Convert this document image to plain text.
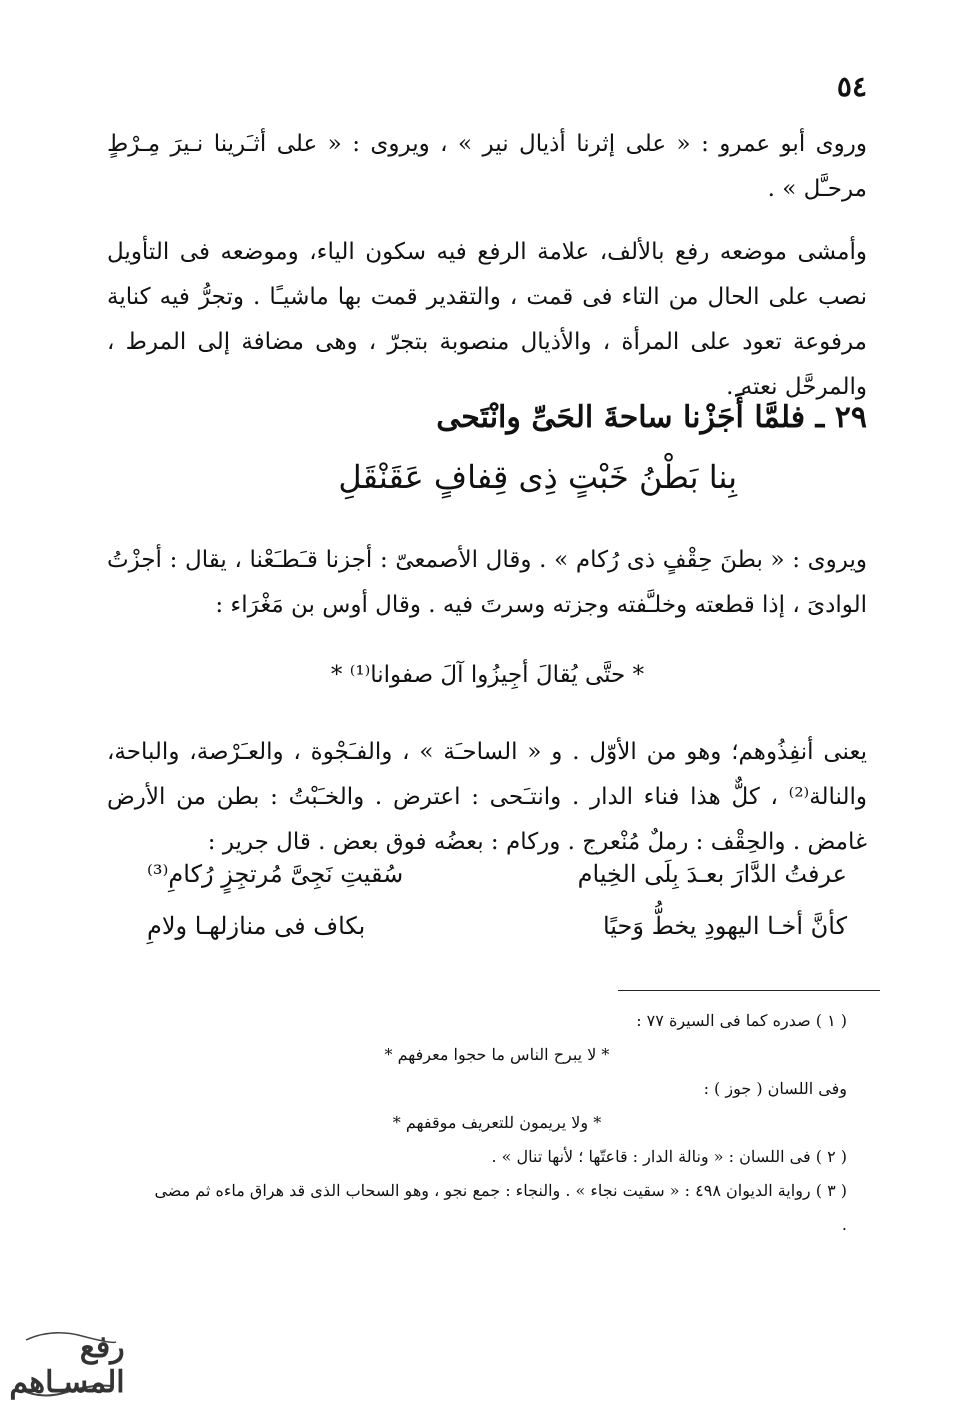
٥٤

وروى أبو عمرو : « على إثرنا أذيال نير » ، ويروى : « على أثـَرينا نـيرَ مِـرْطٍ مرحـَّل » .

وأمشى موضعه رفع بالألف، علامة الرفع فيه سكون الياء، وموضعه فى التأويل نصب على الحال من التاء فى قمت ، والتقدير قمت بها ماشيـًا . وتجرُّ فيه كناية مرفوعة تعود على المرأة ، والأذيال منصوبة بتجرّ ، وهى مضافة إلى المرط ، والمرحَّل نعته .

٢٩ ـ فلمَّا أَجَزْنا ساحةَ الحَىِّ وانْتَحى
بِنا بَطْنُ خَبْتٍ ذِى قِفافٍ عَقَنْقَلِ

ويروى : « بطنَ حِقْفٍ ذى رُكام » . وقال الأصمعىّ : أجزنا قـَطـَعْنا ، يقال : أجزْتُ الوادىَ ، إذا قطعته وخلـَّفته وجزته وسرتَ فيه . وقال أوس بن مَغْرَاء :

* حتَّى يُقالَ أجِيزُوا آلَ صفوانا⁽¹⁾ *

يعنى أنفِذُوهم؛ وهو من الأوّل . و « الساحـَة » ، والفـَجْوة ، والعـَرْصة، والباحة، والنالة⁽²⁾ ، كلٌّ هذا فناء الدار . وانتـَحى : اعترض . والخـَبْتُ : بطن من الأرض غامض . والحِقْف : رملٌ مُنْعرج . وركام : بعضُه فوق بعض . قال جرير :

عرفتُ الدَّارَ بعـدَ بِلَى الخِيام
سُقيتِ نَجِىَّ مُرتجِزٍ رُكامِ⁽³⁾
كأنَّ أخـا اليهودِ يخطُّ وَحيًا
بكاف فى منازلهـا ولامِ

( ١ ) صدره كما فى السيرة ٧٧ :

* لا يبرح الناس ما حجوا معرفهم *

وفى اللسان ( جوز ) :

* ولا يريمون للتعريف موقفهم *

( ٢ ) فى اللسان : « ونالة الدار : قاعتّها ؛ لأنها تنال » .

( ٣ ) رواية الديوان ٤٩٨ : « سقيت نجاء » . والنجاء : جمع نجو ، وهو السحاب الذى قد هراق ماءه ثم مضى .

رفع المسـاهم
